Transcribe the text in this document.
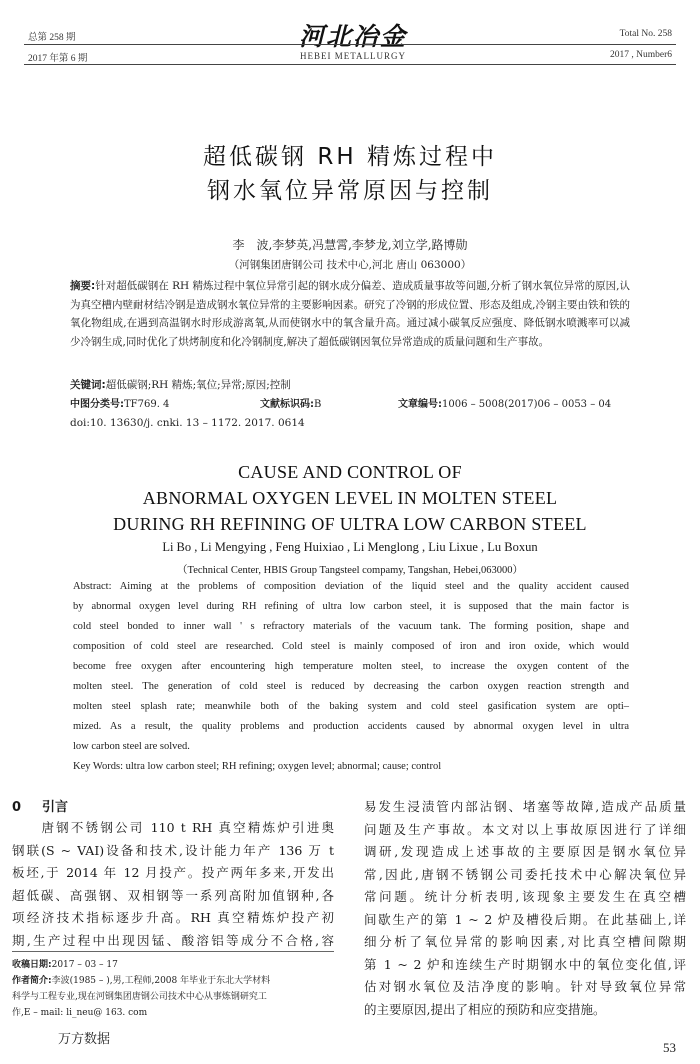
总第 258 期
2017 年第 6 期
河北冶金
HEBEI METALLURGY
Total No. 258
2017 , Number6
超低碳钢 RH 精炼过程中
钢水氧位异常原因与控制
李　波,李梦英,冯慧霄,李梦龙,刘立学,路博勋
（河钢集团唐钢公司 技术中心,河北 唐山 063000）
摘要:针对超低碳钢在 RH 精炼过程中氧位异常引起的钢水成分偏差、造成质量事故等问题,分析了钢水氧位异常的原因,认为真空槽内壁耐材结冷钢是造成钢水氧位异常的主要影响因素。研究了冷钢的形成位置、形态及组成,冷钢主要由铁和铁的氧化物组成,在遇到高温钢水时形成游离氧,从而使钢水中的氧含量升高。通过减小碳氧反应强度、降低钢水喷溅率可以减少冷钢生成,同时优化了烘烤制度和化冷钢制度,解决了超低碳钢因氧位异常造成的质量问题和生产事故。
关键词:超低碳钢;RH 精炼;氧位;异常;原因;控制
中图分类号:TF769. 4	文献标识码:B	文章编号:1006 – 5008(2017)06 – 0053 – 04
doi:10. 13630/j. cnki. 13 – 1172. 2017. 0614
CAUSE AND CONTROL OF
ABNORMAL OXYGEN LEVEL IN MOLTEN STEEL
DURING RH REFINING OF ULTRA LOW CARBON STEEL
Li Bo , Li Mengying , Feng Huixiao , Li Menglong , Liu Lixue , Lu Boxun
（Technical Center, HBIS Group Tangsteel compamy, Tangshan, Hebei,063000）
Abstract: Aiming at the problems of composition deviation of the liquid steel and the quality accident caused
by abnormal oxygen level during RH refining of ultra low carbon steel, it is supposed that the main factor is
cold steel bonded to inner wall ' s refractory materials of the vacuum tank. The forming position, shape and
composition of cold steel are researched. Cold steel is mainly composed of iron and iron oxide, which would
become free oxygen after encountering high temperature molten steel, to increase the oxygen content of the
molten steel. The generation of cold steel is reduced by decreasing the carbon oxygen reaction strength and
molten steel splash rate; meanwhile both of the baking system and cold steel gasification system are opti–
mized. As a result, the quality problems and production accidents caused by abnormal oxygen level in ultra
low carbon steel are solved.
Key Words: ultra low carbon steel; RH refining; oxygen level; abnormal; cause; control
0 引言
　　唐钢不锈钢公司 110 t RH 真空精炼炉引进奥
钢联(S ~ VAI)设备和技术,设计能力年产 136 万 t
板坯,于 2014 年 12 月投产。投产两年多来,开发出
超低碳、高强钢、双相钢等一系列高附加值钢种,各
项经济技术指标逐步升高。RH 真空精炼炉投产初
期,生产过程中出现因锰、酸溶铝等成分不合格,容
收稿日期:2017 – 03 – 17
作者简介:李波(1985 – ),男,工程师,2008 年毕业于东北大学材料
科学与工程专业,现在河钢集团唐钢公司技术中心从事炼钢研究工
作,E – mail: li_neu@ 163. com
易发生浸渍管内部沾钢、堵塞等故障,造成产品质量
问题及生产事故。本文对以上事故原因进行了详细
调研,发现造成上述事故的主要原因是钢水氧位异
常,因此,唐钢不锈钢公司委托技术中心解决氧位异
常问题。统计分析表明,该现象主要发生在真空槽
间歇生产的第 1 ~ 2 炉及槽役后期。在此基础上,详
细分析了氧位异常的影响因素,对比真空槽间隙期
第 1 ~ 2 炉和连续生产时期钢水中的氧位变化值,评
估对钢水氧位及洁净度的影响。针对导致氧位异常
的主要原因,提出了相应的预防和应变措施。
万方数据
53
